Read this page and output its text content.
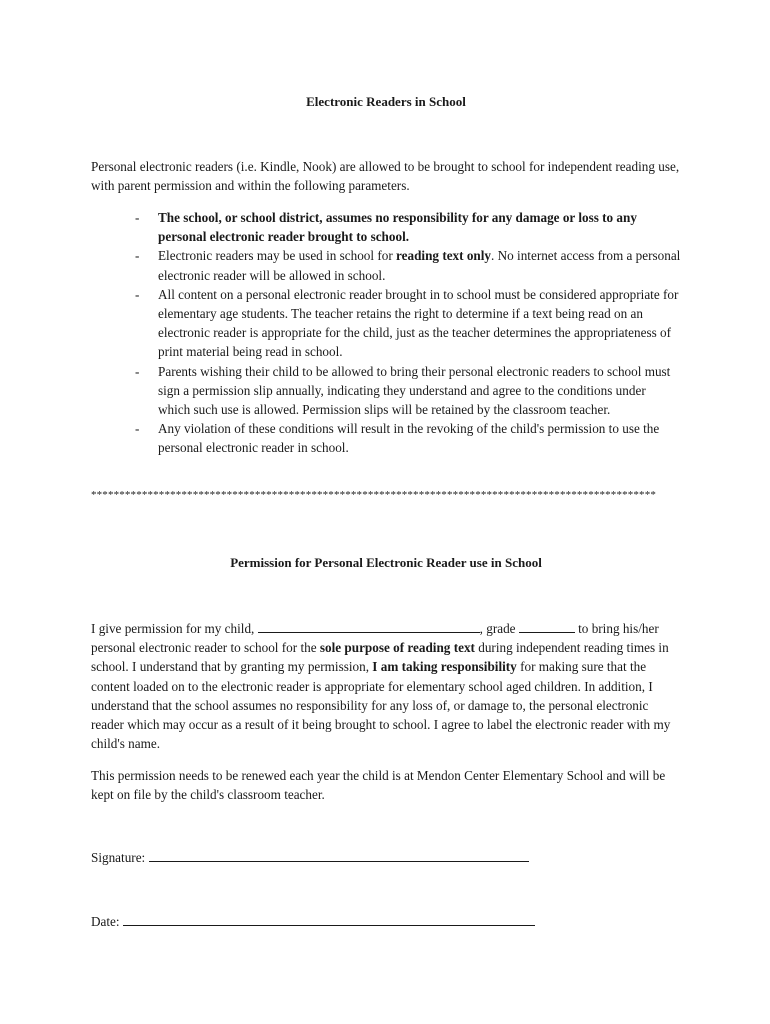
Electronic Readers in School
Personal electronic readers (i.e. Kindle, Nook) are allowed to be brought to school for independent reading use, with parent permission and within the following parameters.
- The school, or school district, assumes no responsibility for any damage or loss to any personal electronic reader brought to school.
- Electronic readers may be used in school for reading text only. No internet access from a personal electronic reader will be allowed in school.
- All content on a personal electronic reader brought in to school must be considered appropriate for elementary age students. The teacher retains the right to determine if a text being read on an electronic reader is appropriate for the child, just as the teacher determines the appropriateness of print material being read in school.
- Parents wishing their child to be allowed to bring their personal electronic readers to school must sign a permission slip annually, indicating they understand and agree to the conditions under which such use is allowed. Permission slips will be retained by the classroom teacher.
- Any violation of these conditions will result in the revoking of the child's permission to use the personal electronic reader in school.
****************************************************************************************************
Permission for Personal Electronic Reader use in School
I give permission for my child,	, grade	to bring his/her personal electronic reader to school for the sole purpose of reading text during independent reading times in school. I understand that by granting my permission, I am taking responsibility for making sure that the content loaded on to the electronic reader is appropriate for elementary school aged children. In addition, I understand that the school assumes no responsibility for any loss of, or damage to, the personal electronic reader which may occur as a result of it being brought to school. I agree to label the electronic reader with my child's name.
This permission needs to be renewed each year the child is at Mendon Center Elementary School and will be kept on file by the child's classroom teacher.
Signature:
Date:
